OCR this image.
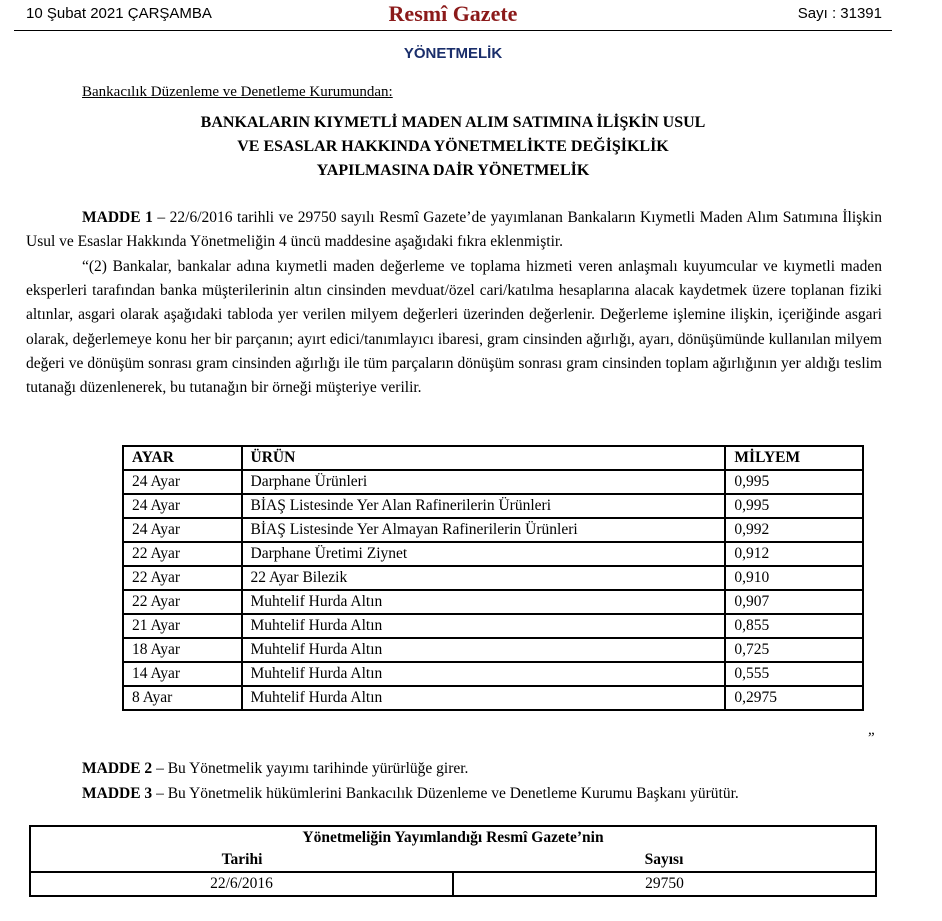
10 Şubat 2021 ÇARŞAMBA	Resmî Gazete	Sayı : 31391
YÖNETMELİK
Bankacılık Düzenleme ve Denetleme Kurumundan:
BANKALARIN KIYMETLİ MADEN ALIM SATIMINA İLİŞKİN USUL
VE ESASLAR HAKKINDA YÖNETMELİKTE DEĞİŞİKLİK
YAPILMASINA DAİR YÖNETMELİK
MADDE 1 – 22/6/2016 tarihli ve 29750 sayılı Resmî Gazete’de yayımlanan Bankaların Kıymetli Maden Alım Satımına İlişkin Usul ve Esaslar Hakkında Yönetmeliğin 4 üncü maddesine aşağıdaki fıkra eklenmiştir.
“(2) Bankalar, bankalar adına kıymetli maden değerleme ve toplama hizmeti veren anlaşmalı kuyumcular ve kıymetli maden eksperleri tarafından banka müşterilerinin altın cinsinden mevduat/özel cari/katılma hesaplarına alacak kaydetmek üzere toplanan fiziki altınlar, asgari olarak aşağıdaki tabloda yer verilen milyem değerleri üzerinden değerlenir. Değerleme işlemine ilişkin, içeriğinde asgari olarak, değerlemeye konu her bir parçanın; ayırt edici/tanımlayıcı ibaresi, gram cinsinden ağırlığı, ayarı, dönüşümünde kullanılan milyem değeri ve dönüşüm sonrası gram cinsinden ağırlığı ile tüm parçaların dönüşüm sonrası gram cinsinden toplam ağırlığının yer aldığı teslim tutanağı düzenlenerek, bu tutanağın bir örneği müşteriye verilir.
AYAR	ÜRÜN	MİLYEM
24 Ayar	Darphane Ürünleri	0,995
24 Ayar	BİAŞ Listesinde Yer Alan Rafinerilerin Ürünleri	0,995
24 Ayar	BİAŞ Listesinde Yer Almayan Rafinerilerin Ürünleri	0,992
22 Ayar	Darphane Üretimi Ziynet	0,912
22 Ayar	22 Ayar Bilezik	0,910
22 Ayar	Muhtelif Hurda Altın	0,907
21 Ayar	Muhtelif Hurda Altın	0,855
18 Ayar	Muhtelif Hurda Altın	0,725
14 Ayar	Muhtelif Hurda Altın	0,555
8 Ayar	Muhtelif Hurda Altın	0,2975
”
MADDE 2 – Bu Yönetmelik yayımı tarihinde yürürlüğe girer.
MADDE 3 – Bu Yönetmelik hükümlerini Bankacılık Düzenleme ve Denetleme Kurumu Başkanı yürütür.
Yönetmeliğin Yayımlandığı Resmî Gazete’nin	
Tarihi	Sayısı
22/6/2016	29750
